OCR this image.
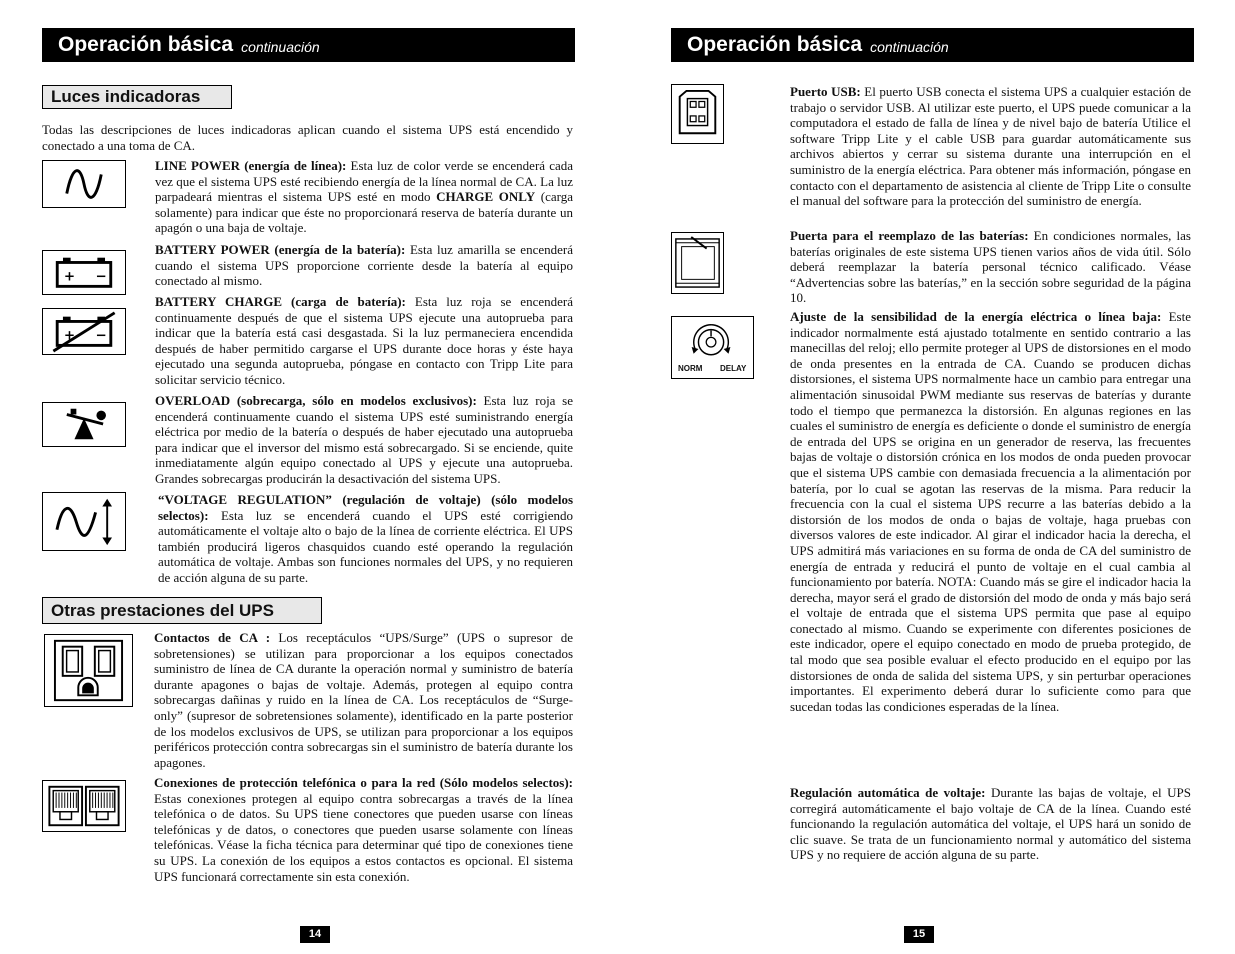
Operación básica continuación
Luces indicadoras
Todas las descripciones de luces indicadoras aplican cuando el sistema UPS está encendido y conectado a una toma de CA.
LINE POWER (energía de línea): Esta luz de color verde se encenderá cada vez que el sistema UPS esté recibiendo energía de la línea normal de CA. La luz parpadeará mientras el sistema UPS esté en modo CHARGE ONLY (carga solamente) para indicar que éste no proporcionará reserva de batería durante un apagón o una baja de voltaje.
+ −
BATTERY POWER (energía de la batería): Esta luz amarilla se encenderá cuando el sistema UPS proporcione corriente desde la batería al equipo conectado al mismo.
+ −
BATTERY CHARGE (carga de batería): Esta luz roja se encenderá continuamente después de que el sistema UPS ejecute una autoprueba para indicar que la batería está casi desgastada. Si la luz permaneciera encendida después de haber permitido cargarse el UPS durante doce horas y éste haya ejecutado una segunda autoprueba, póngase en contacto con Tripp Lite para solicitar servicio técnico.
OVERLOAD (sobrecarga, sólo en modelos exclusivos): Esta luz roja se encenderá continuamente cuando el sistema UPS esté suministrando energía eléctrica por medio de la batería o después de haber ejecutado una autoprueba para indicar que el inversor del mismo está sobrecargado. Si se enciende, quite inmediatamente algún equipo conectado al UPS y ejecute una autoprueba. Grandes sobrecargas producirán la desactivación del sistema UPS.
“VOLTAGE REGULATION” (regulación de voltaje) (sólo modelos selectos): Esta luz se encenderá cuando el UPS esté corrigiendo automáticamente el voltaje alto o bajo de la línea de corriente eléctrica. El UPS también producirá ligeros chasquidos cuando esté operando la regulación automática de voltaje. Ambas son funciones normales del UPS, y no requieren de acción alguna de su parte.
Otras prestaciones del UPS
Contactos de CA : Los receptáculos “UPS/Surge” (UPS o supresor de sobretensiones) se utilizan para proporcionar a los equipos conectados suministro de línea de CA durante la operación normal y suministro de batería durante apagones o bajas de voltaje. Además, protegen al equipo contra sobrecargas dañinas y ruido en la línea de CA. Los receptáculos de “Surge-only” (supresor de sobretensiones solamente), identificado en la parte posterior de los modelos exclusivos de UPS, se utilizan para proporcionar a los equipos periféricos protección contra sobrecargas sin el suministro de batería durante los apagones.
Conexiones de protección telefónica o para la red (Sólo modelos selectos): Estas conexiones protegen al equipo contra sobrecargas a través de la línea telefónica o de datos. Su UPS tiene conectores que pueden usarse con líneas telefónicas y de datos, o conectores que pueden usarse solamente con líneas telefónicas. Véase la ficha técnica para determinar qué tipo de conexiones tiene su UPS. La conexión de los equipos a estos contactos es opcional. El sistema UPS funcionará correctamente sin esta conexión.
14
Operación básica continuación
Puerto USB: El puerto USB conecta el sistema UPS a cualquier estación de trabajo o servidor USB. Al utilizar este puerto, el UPS puede comunicar a la computadora el estado de falla de línea y de nivel bajo de batería Utilice el software Tripp Lite y el cable USB para guardar automáticamente sus archivos abiertos y cerrar su sistema durante una interrupción en el suministro de la energía eléctrica. Para obtener más información, póngase en contacto con el departamento de asistencia al cliente de Tripp Lite o consulte el manual del software para la protección del suministro de energía.
Puerta para el reemplazo de las baterías: En condiciones normales, las baterías originales de este sistema UPS tienen varios años de vida útil. Sólo deberá reemplazar la batería personal técnico calificado. Véase “Advertencias sobre las baterías,” en la sección sobre seguridad de la página 10.
NORM DELAY
Ajuste de la sensibilidad de la energía eléctrica o línea baja: Este indicador normalmente está ajustado totalmente en sentido contrario a las manecillas del reloj; ello permite proteger al UPS de distorsiones en el modo de onda presentes en la entrada de CA. Cuando se producen dichas distorsiones, el sistema UPS normalmente hace un cambio para entregar una alimentación sinusoidal PWM mediante sus reservas de baterías y durante todo el tiempo que permanezca la distorsión. En algunas regiones en las cuales el suministro de energía es deficiente o donde el suministro de energía de entrada del UPS se origina en un generador de reserva, las frecuentes bajas de voltaje o distorsión crónica en los modos de onda pueden provocar que el sistema UPS cambie con demasiada frecuencia a la alimentación por batería, por lo cual se agotan las reservas de la misma. Para reducir la frecuencia con la cual el sistema UPS recurre a las baterías debido a la distorsión de los modos de onda o bajas de voltaje, haga pruebas con diversos valores de este indicador. Al girar el indicador hacia la derecha, el UPS admitirá más variaciones en su forma de onda de CA del suministro de energía de entrada y reducirá el punto de voltaje en el cual cambia al funcionamiento por batería. NOTA: Cuando más se gire el indicador hacia la derecha, mayor será el grado de distorsión del modo de onda y más bajo será el voltaje de entrada que el sistema UPS permita que pase al equipo conectado al mismo. Cuando se experimente con diferentes posiciones de este indicador, opere el equipo conectado en modo de prueba protegido, de tal modo que sea posible evaluar el efecto producido en el equipo por las distorsiones de onda de salida del sistema UPS, y sin perturbar operaciones importantes. El experimento deberá durar lo suficiente como para que sucedan todas las condiciones esperadas de la línea.
Regulación automática de voltaje: Durante las bajas de voltaje, el UPS corregirá automáticamente el bajo voltaje de CA de la línea. Cuando esté funcionando la regulación automática del voltaje, el UPS hará un sonido de clic suave. Se trata de un funcionamiento normal y automático del sistema UPS y no requiere de acción alguna de su parte.
15
